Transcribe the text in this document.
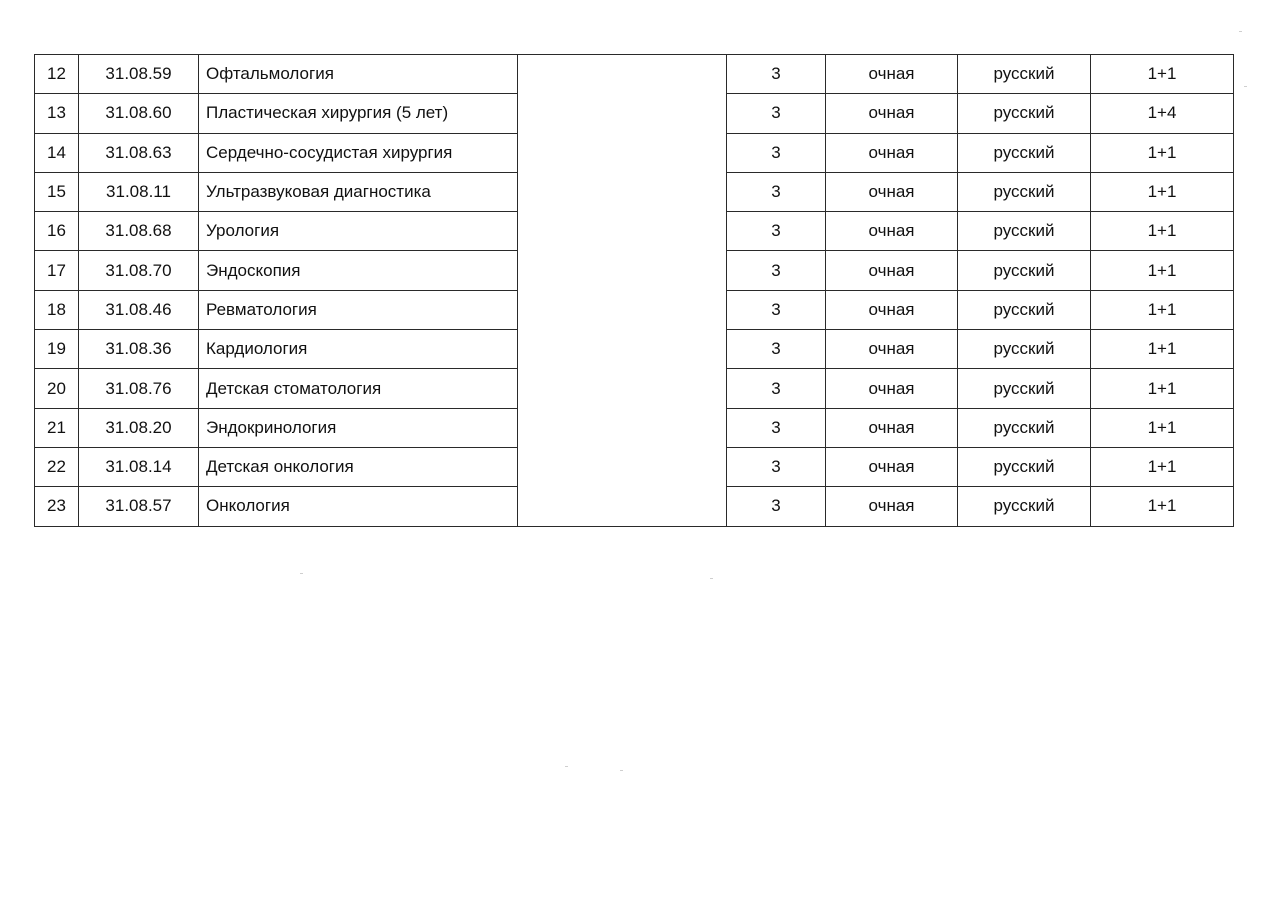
12	31.08.59	Офтальмология		3	очная	русский	1+1
13	31.08.60	Пластическая хирургия (5 лет)		3	очная	русский	1+4
14	31.08.63	Сердечно-сосудистая хирургия		3	очная	русский	1+1
15	31.08.11	Ультразвуковая диагностика		3	очная	русский	1+1
16	31.08.68	Урология		3	очная	русский	1+1
17	31.08.70	Эндоскопия		3	очная	русский	1+1
18	31.08.46	Ревматология		3	очная	русский	1+1
19	31.08.36	Кардиология		3	очная	русский	1+1
20	31.08.76	Детская стоматология		3	очная	русский	1+1
21	31.08.20	Эндокринология		3	очная	русский	1+1
22	31.08.14	Детская онкология		3	очная	русский	1+1
23	31.08.57	Онкология		3	очная	русский	1+1
